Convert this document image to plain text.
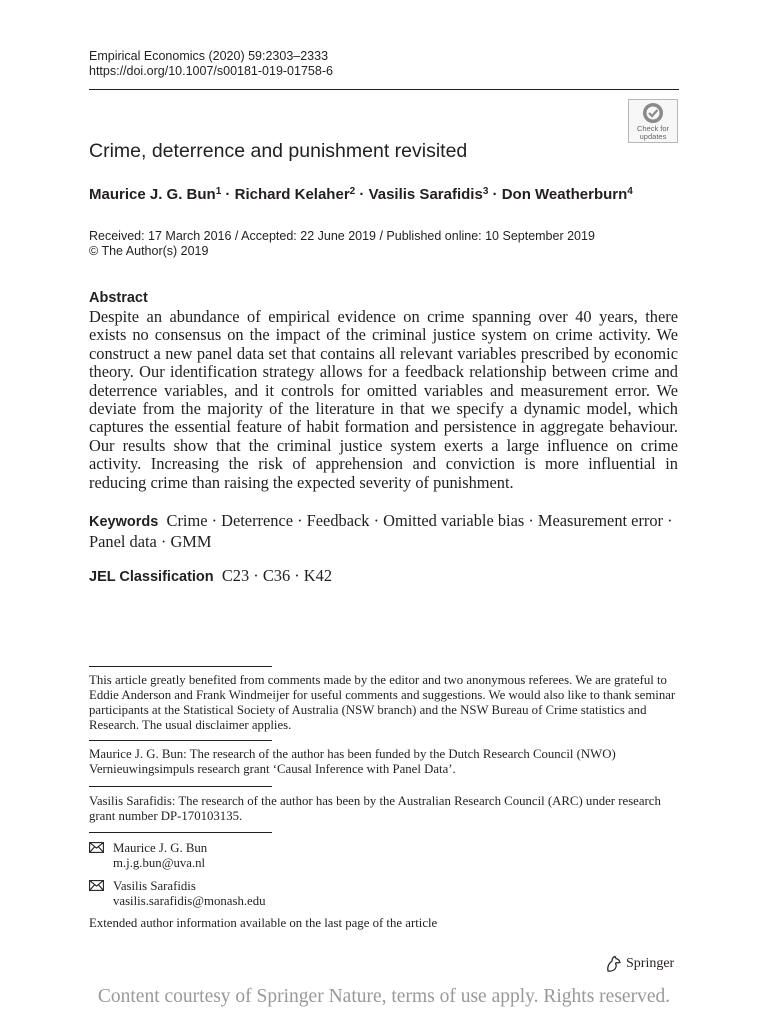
Empirical Economics (2020) 59:2303–2333
https://doi.org/10.1007/s00181-019-01758-6
Check for
updates
Crime, deterrence and punishment revisited
Maurice J. G. Bun$^1$ · Richard Kelaher$^2$ · Vasilis Sarafidis$^3$ · Don Weatherburn$^4$
Received: 17 March 2016 / Accepted: 22 June 2019 / Published online: 10 September 2019
© The Author(s) 2019
Abstract
Despite an abundance of empirical evidence on crime spanning over 40 years, there exists no consensus on the impact of the criminal justice system on crime activity. We construct a new panel data set that contains all relevant variables prescribed by economic theory. Our identification strategy allows for a feedback relationship between crime and deterrence variables, and it controls for omitted variables and measurement error. We deviate from the majority of the literature in that we specify a dynamic model, which captures the essential feature of habit formation and persistence in aggregate behaviour. Our results show that the criminal justice system exerts a large influence on crime activity. Increasing the risk of apprehension and conviction is more influential in reducing crime than raising the expected severity of punishment.
Keywords Crime · Deterrence · Feedback · Omitted variable bias · Measurement error · Panel data · GMM
JEL Classification C23 · C36 · K42
This article greatly benefited from comments made by the editor and two anonymous referees. We are grateful to Eddie Anderson and Frank Windmeijer for useful comments and suggestions. We would also like to thank seminar participants at the Statistical Society of Australia (NSW branch) and the NSW Bureau of Crime statistics and Research. The usual disclaimer applies.
Maurice J. G. Bun: The research of the author has been funded by the Dutch Research Council (NWO) Vernieuwingsimpuls research grant ‘Causal Inference with Panel Data’.
Vasilis Sarafidis: The research of the author has been by the Australian Research Council (ARC) under research grant number DP-170103135.
Maurice J. G. Bun
m.j.g.bun@uva.nl
Vasilis Sarafidis
vasilis.sarafidis@monash.edu
Extended author information available on the last page of the article
Springer
Content courtesy of Springer Nature, terms of use apply. Rights reserved.
